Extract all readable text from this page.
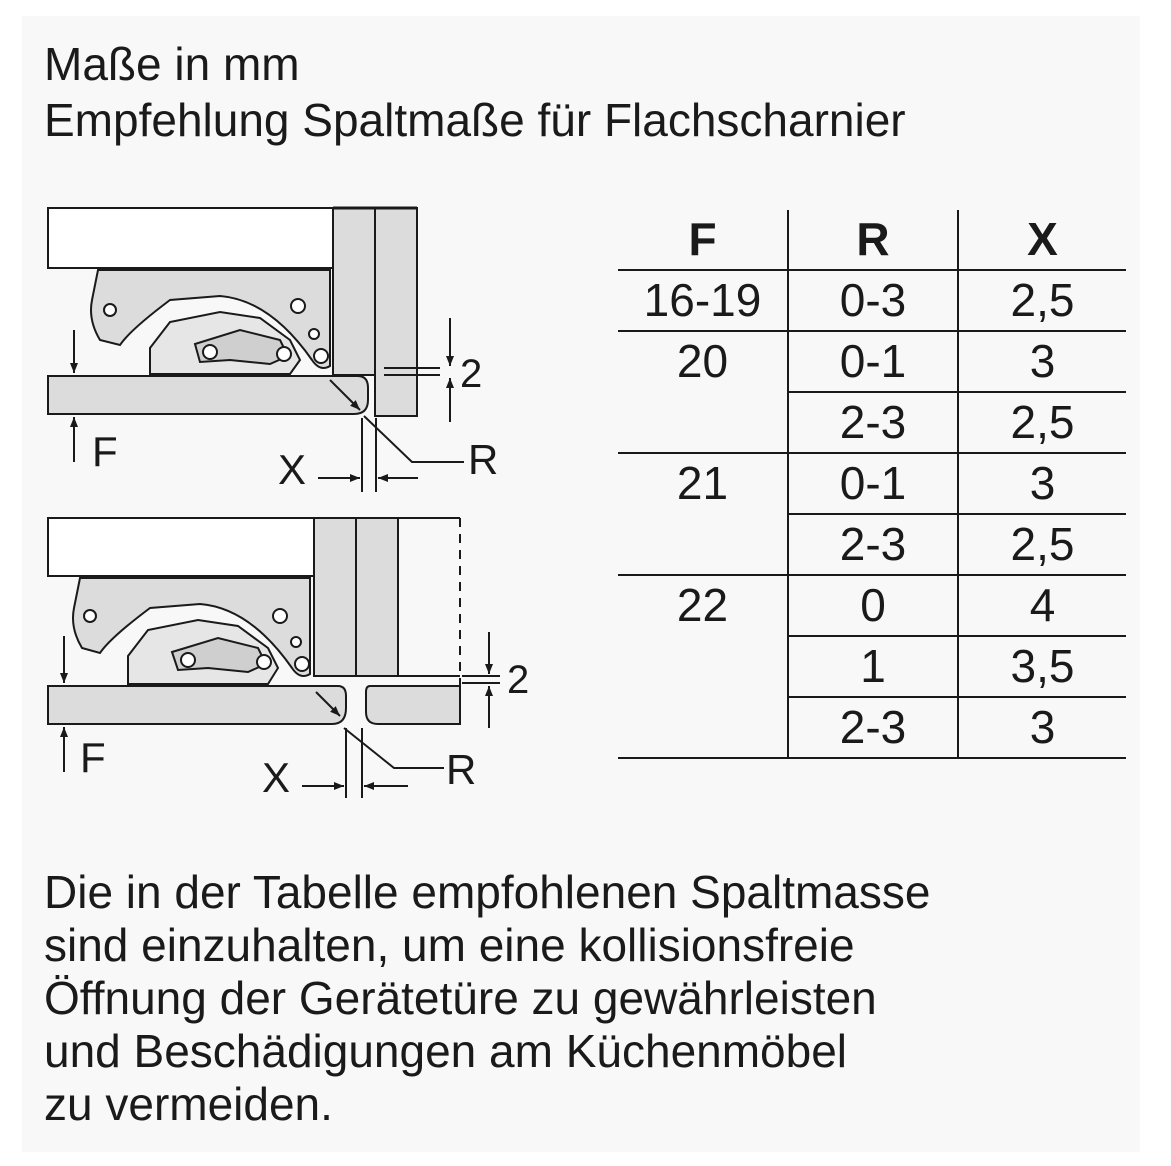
Maße in mm
Empfehlung Spaltmaße für Flachscharnier
2
F	R
X
2
F	R
X
F	R	X
16-19	0-3	2,5
20	0-1	3
	2-3	2,5
21	0-1	3
	2-3	2,5
22	0	4
	1	3,5
	2-3	3

Die in der Tabelle empfohlenen Spaltmasse

sind einzuhalten, um eine kollisionsfreie

Öffnung der Gerätetüre zu gewährleisten

und Beschädigungen am Küchenmöbel

zu vermeiden.
